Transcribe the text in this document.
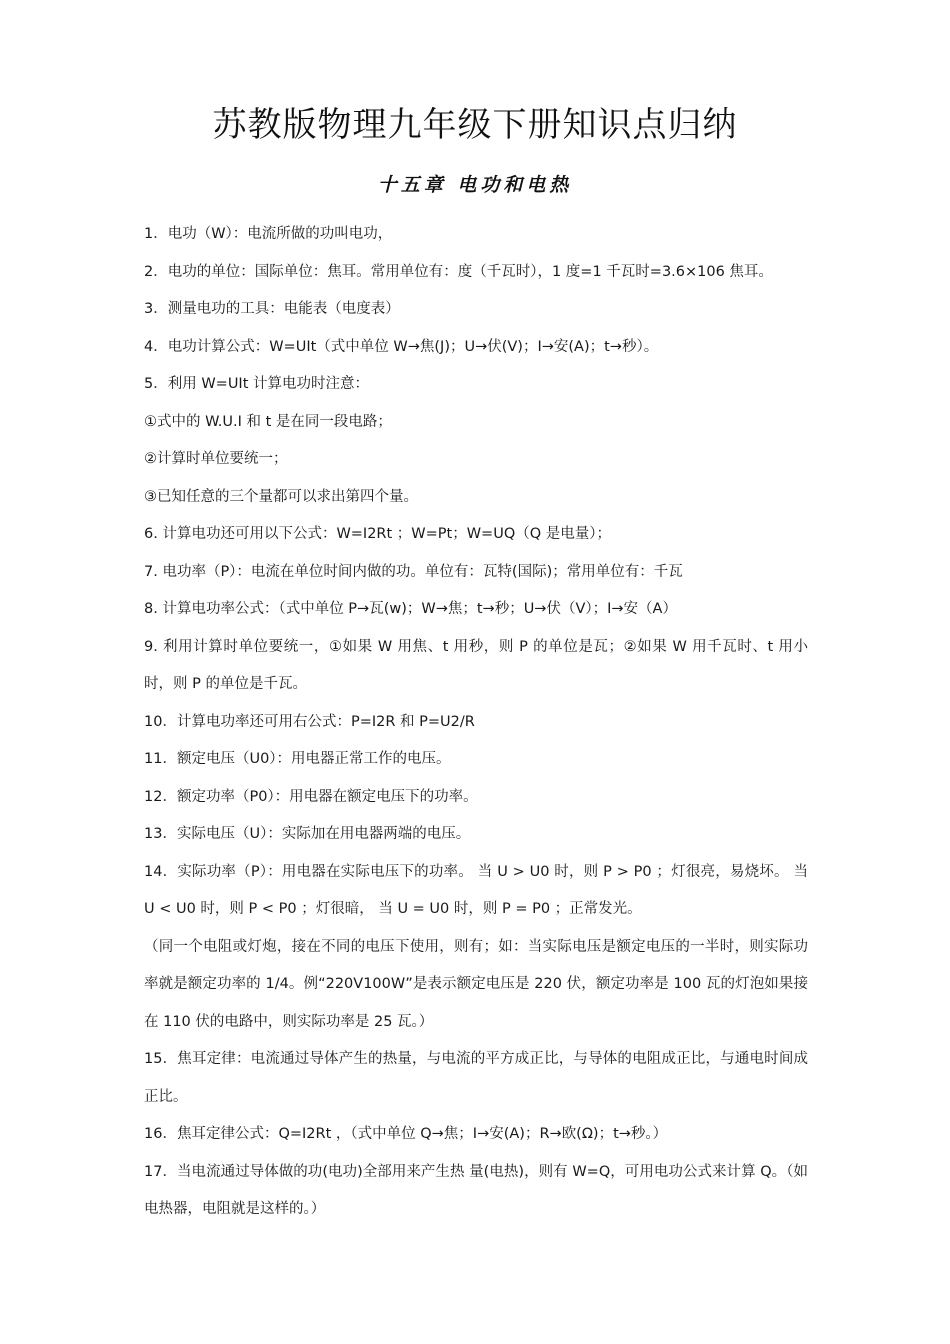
苏教版物理九年级下册知识点归纳
十五章 电功和电热

1．电功（W）：电流所做的功叫电功，

2．电功的单位：国际单位：焦耳。常用单位有：度（千瓦时），1 度=1 千瓦时=3.6×106 焦耳。

3．测量电功的工具：电能表（电度表）

4．电功计算公式：W=UIt（式中单位 W→焦(J)；U→伏(V)；I→安(A)；t→秒）。

5．利用 W=UIt 计算电功时注意：

①式中的 W.U.I 和 t 是在同一段电路；

②计算时单位要统一；

③已知任意的三个量都可以求出第四个量。

6. 计算电功还可用以下公式：W=I2Rt ；W=Pt；W=UQ（Q 是电量）；

7. 电功率（P）：电流在单位时间内做的功。单位有：瓦特(国际)；常用单位有：千瓦

8. 计算电功率公式：（式中单位 P→瓦(w)；W→焦；t→秒；U→伏（V）；I→安（A）

9. 利用计算时单位要统一，①如果 W 用焦、t 用秒，则 P 的单位是瓦；②如果 W 用千瓦时、t 用小时，则 P 的单位是千瓦。

10．计算电功率还可用右公式：P=I2R 和 P=U2/R

11．额定电压（U0）：用电器正常工作的电压。

12．额定功率（P0）：用电器在额定电压下的功率。

13．实际电压（U）：实际加在用电器两端的电压。

14．实际功率（P）：用电器在实际电压下的功率。 当 U > U0 时，则 P > P0 ；灯很亮，易烧坏。 当 U < U0 时，则 P < P0 ；灯很暗， 当 U = U0 时，则 P = P0 ；正常发光。

（同一个电阻或灯炮，接在不同的电压下使用，则有；如：当实际电压是额定电压的一半时，则实际功率就是额定功率的 1/4。例“220V100W”是表示额定电压是 220 伏，额定功率是 100 瓦的灯泡如果接在 110 伏的电路中，则实际功率是 25 瓦。）

15．焦耳定律：电流通过导体产生的热量，与电流的平方成正比，与导体的电阻成正比，与通电时间成正比。

16．焦耳定律公式：Q=I2Rt ，（式中单位 Q→焦；I→安(A)；R→欧(Ω)；t→秒。）

17．当电流通过导体做的功(电功)全部用来产生热 量(电热)，则有 W=Q，可用电功公式来计算 Q。（如电热器，电阻就是这样的。）
